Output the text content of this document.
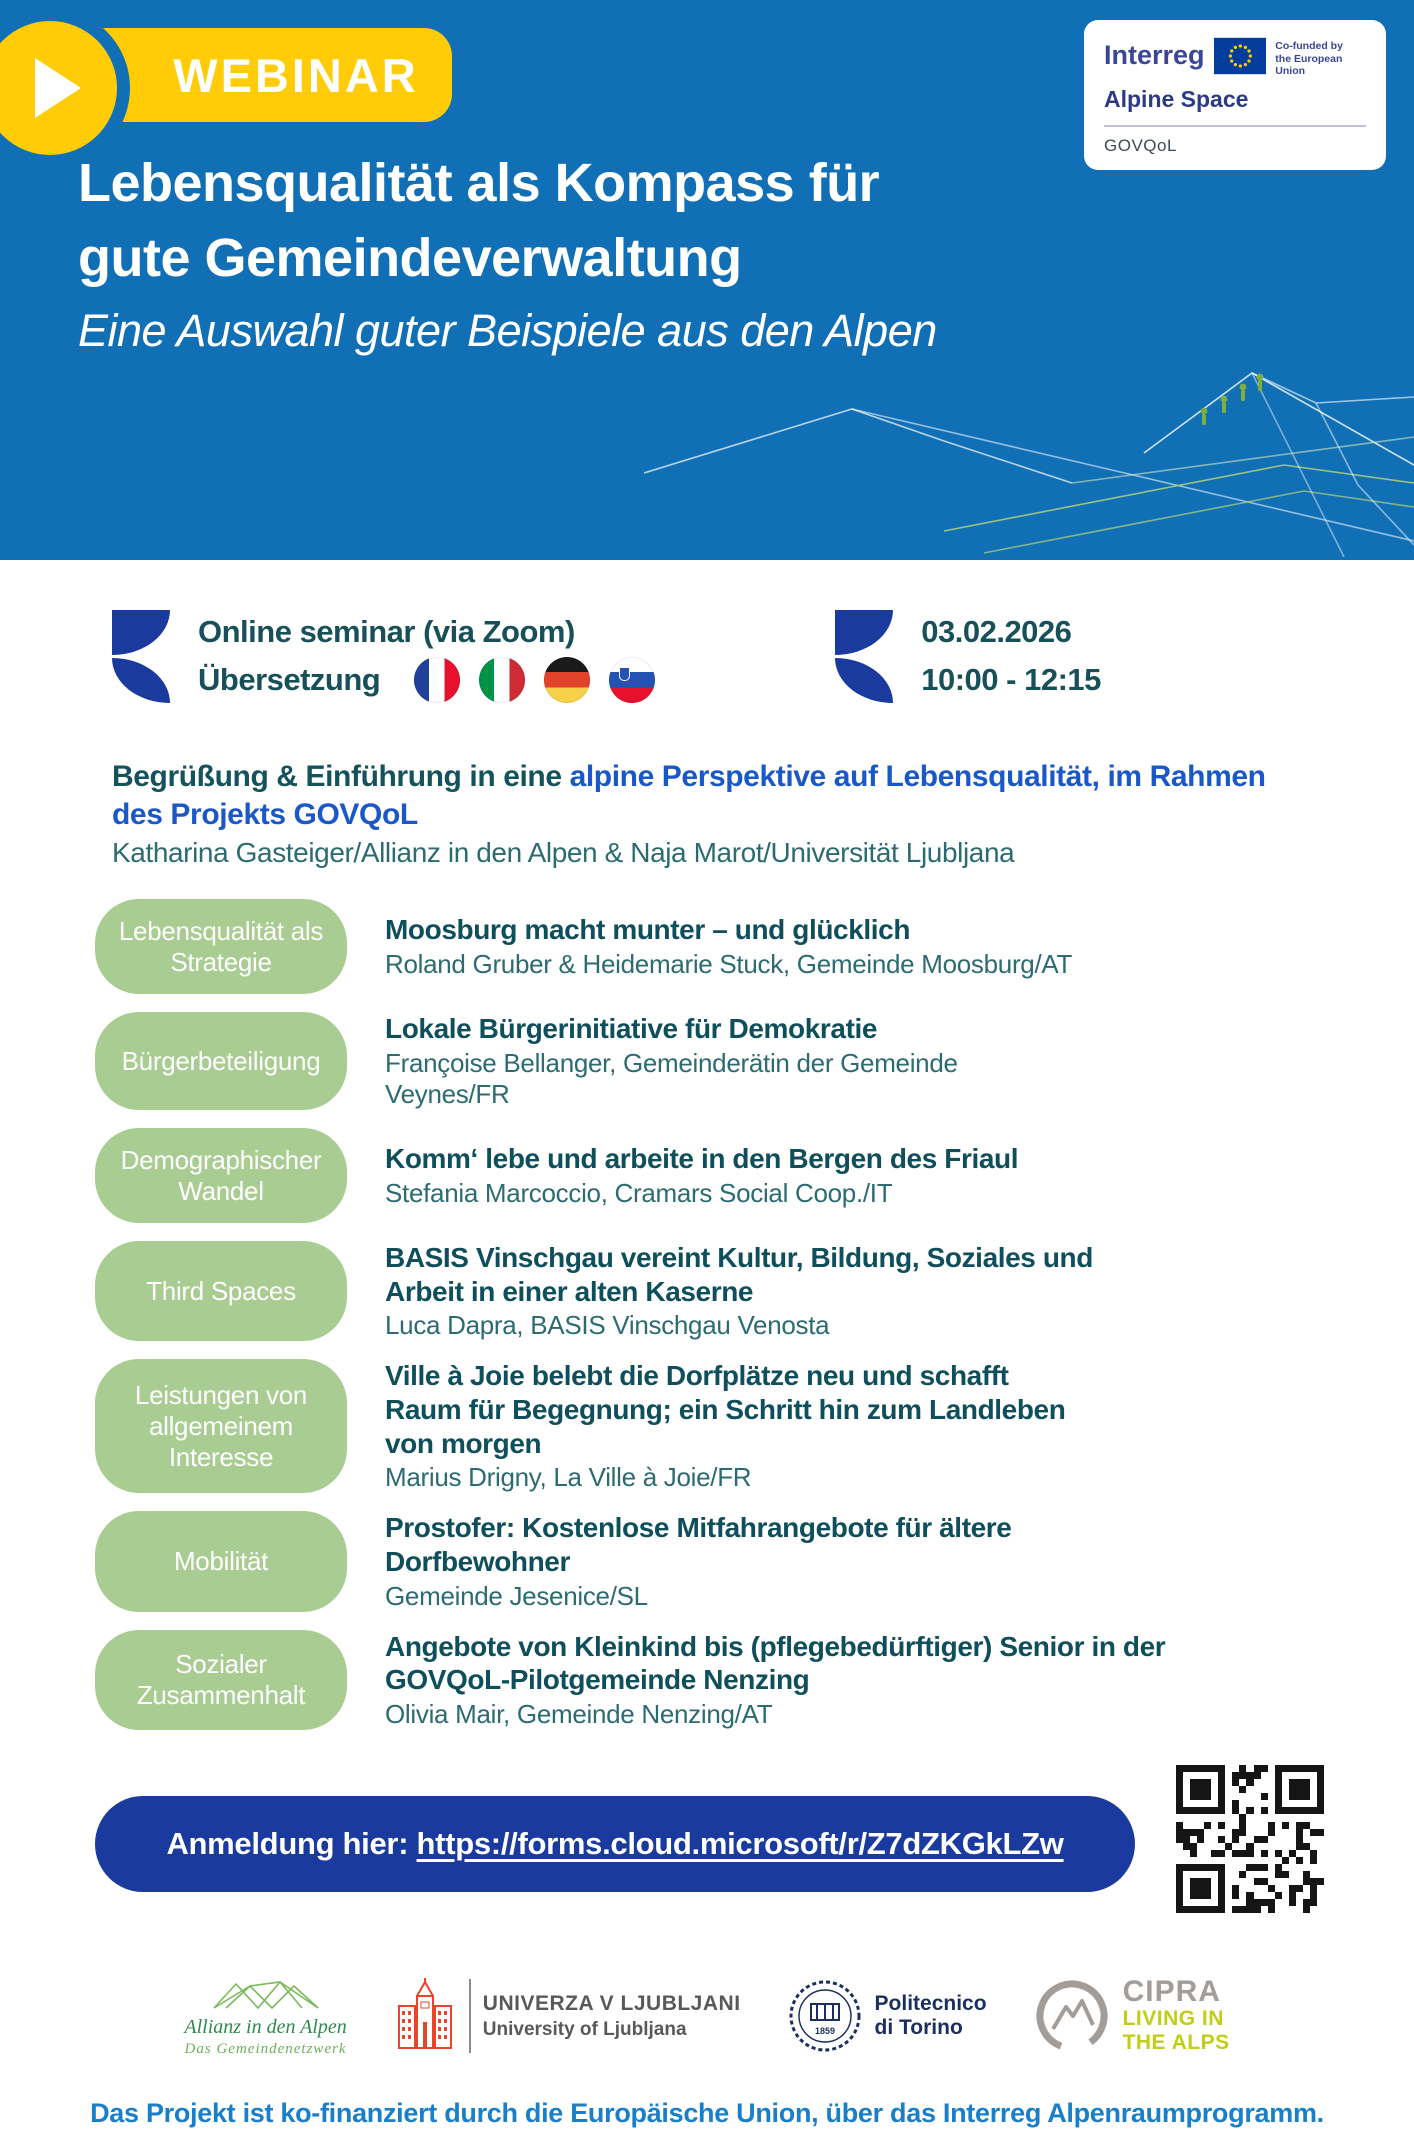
WEBINAR
Lebensqualität als Kompass für
gute Gemeindeverwaltung
Eine Auswahl guter Beispiele aus den Alpen
Interreg	Co-funded by
the European Union
Alpine Space
GOVQoL
Online seminar (via Zoom)
Übersetzung
03.02.2026
10:00 - 12:15
Begrüßung & Einführung in eine alpine Perspektive auf Lebensqualität, im Rahmen des Projekts GOVQoL
Katharina Gasteiger/Allianz in den Alpen & Naja Marot/Universität Ljubljana
Lebensqualität als Strategie
Moosburg macht munter – und glücklich
Roland Gruber & Heidemarie Stuck, Gemeinde Moosburg/AT
Bürgerbeteiligung
Lokale Bürgerinitiative für Demokratie
Françoise Bellanger, Gemeinderätin der Gemeinde Veynes/FR
Demographischer Wandel
Komm‘ lebe und arbeite in den Bergen des Friaul
Stefania Marcoccio, Cramars Social Coop./IT
Third Spaces
BASIS Vinschgau vereint Kultur, Bildung, Soziales und Arbeit in einer alten Kaserne
Luca Dapra, BASIS Vinschgau Venosta
Leistungen von allgemeinem Interesse
Ville à Joie belebt die Dorfplätze neu und schafft Raum für Begegnung; ein Schritt hin zum Landleben von morgen
Marius Drigny, La Ville à Joie/FR
Mobilität
Prostofer: Kostenlose Mitfahrangebote für ältere Dorfbewohner
Gemeinde Jesenice/SL
Sozialer Zusammenhalt
Angebote von Kleinkind bis (pflegebedürftiger) Senior in der GOVQoL-Pilotgemeinde Nenzing
Olivia Mair, Gemeinde Nenzing/AT
Anmeldung hier: https://forms.cloud.microsoft/r/Z7dZKGkLZw
Allianz in den Alpen
Das Gemeindenetzwerk
UNIVERZA V LJUBLJANI
University of Ljubljana	1859
Politecnico
di Torino
CIPRA
LIVING IN
THE ALPS
Das Projekt ist ko-finanziert durch die Europäische Union, über das Interreg Alpenraumprogramm.
